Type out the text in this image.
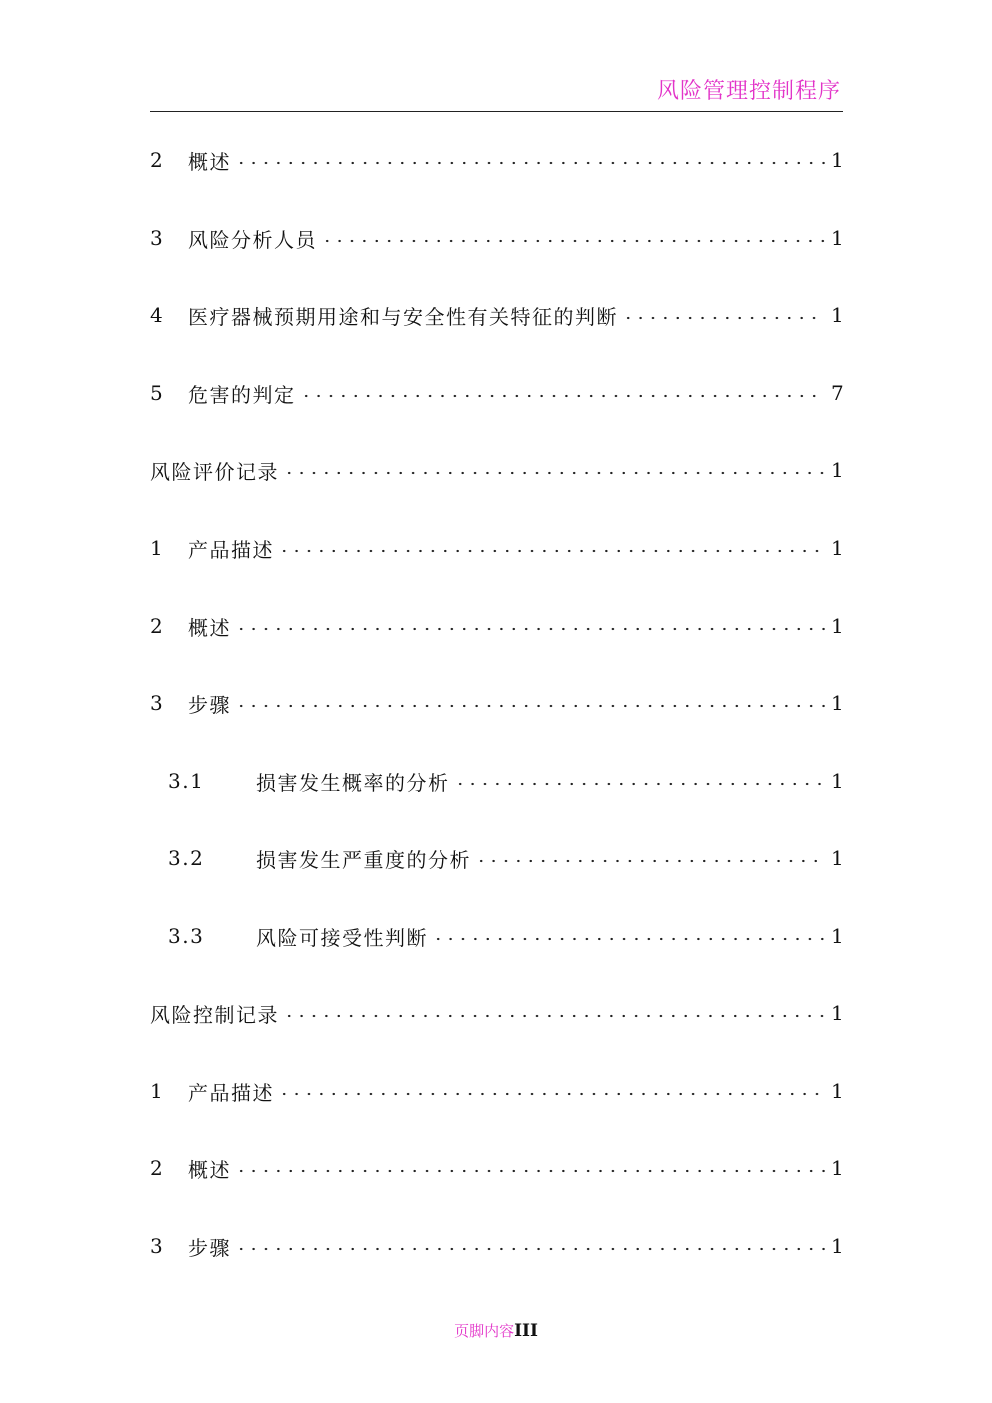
风险管理控制程序
2	概述	1
3	风险分析人员	1
4	医疗器械预期用途和与安全性有关特征的判断	1
5	危害的判定	7
风险评价记录	1
1	产品描述	1
2	概述	1
3	步骤	1
3.1	损害发生概率的分析	1
3.2	损害发生严重度的分析	1
3.3	风险可接受性判断	1
风险控制记录	1
1	产品描述	1
2	概述	1
3	步骤	1
页脚内容III
